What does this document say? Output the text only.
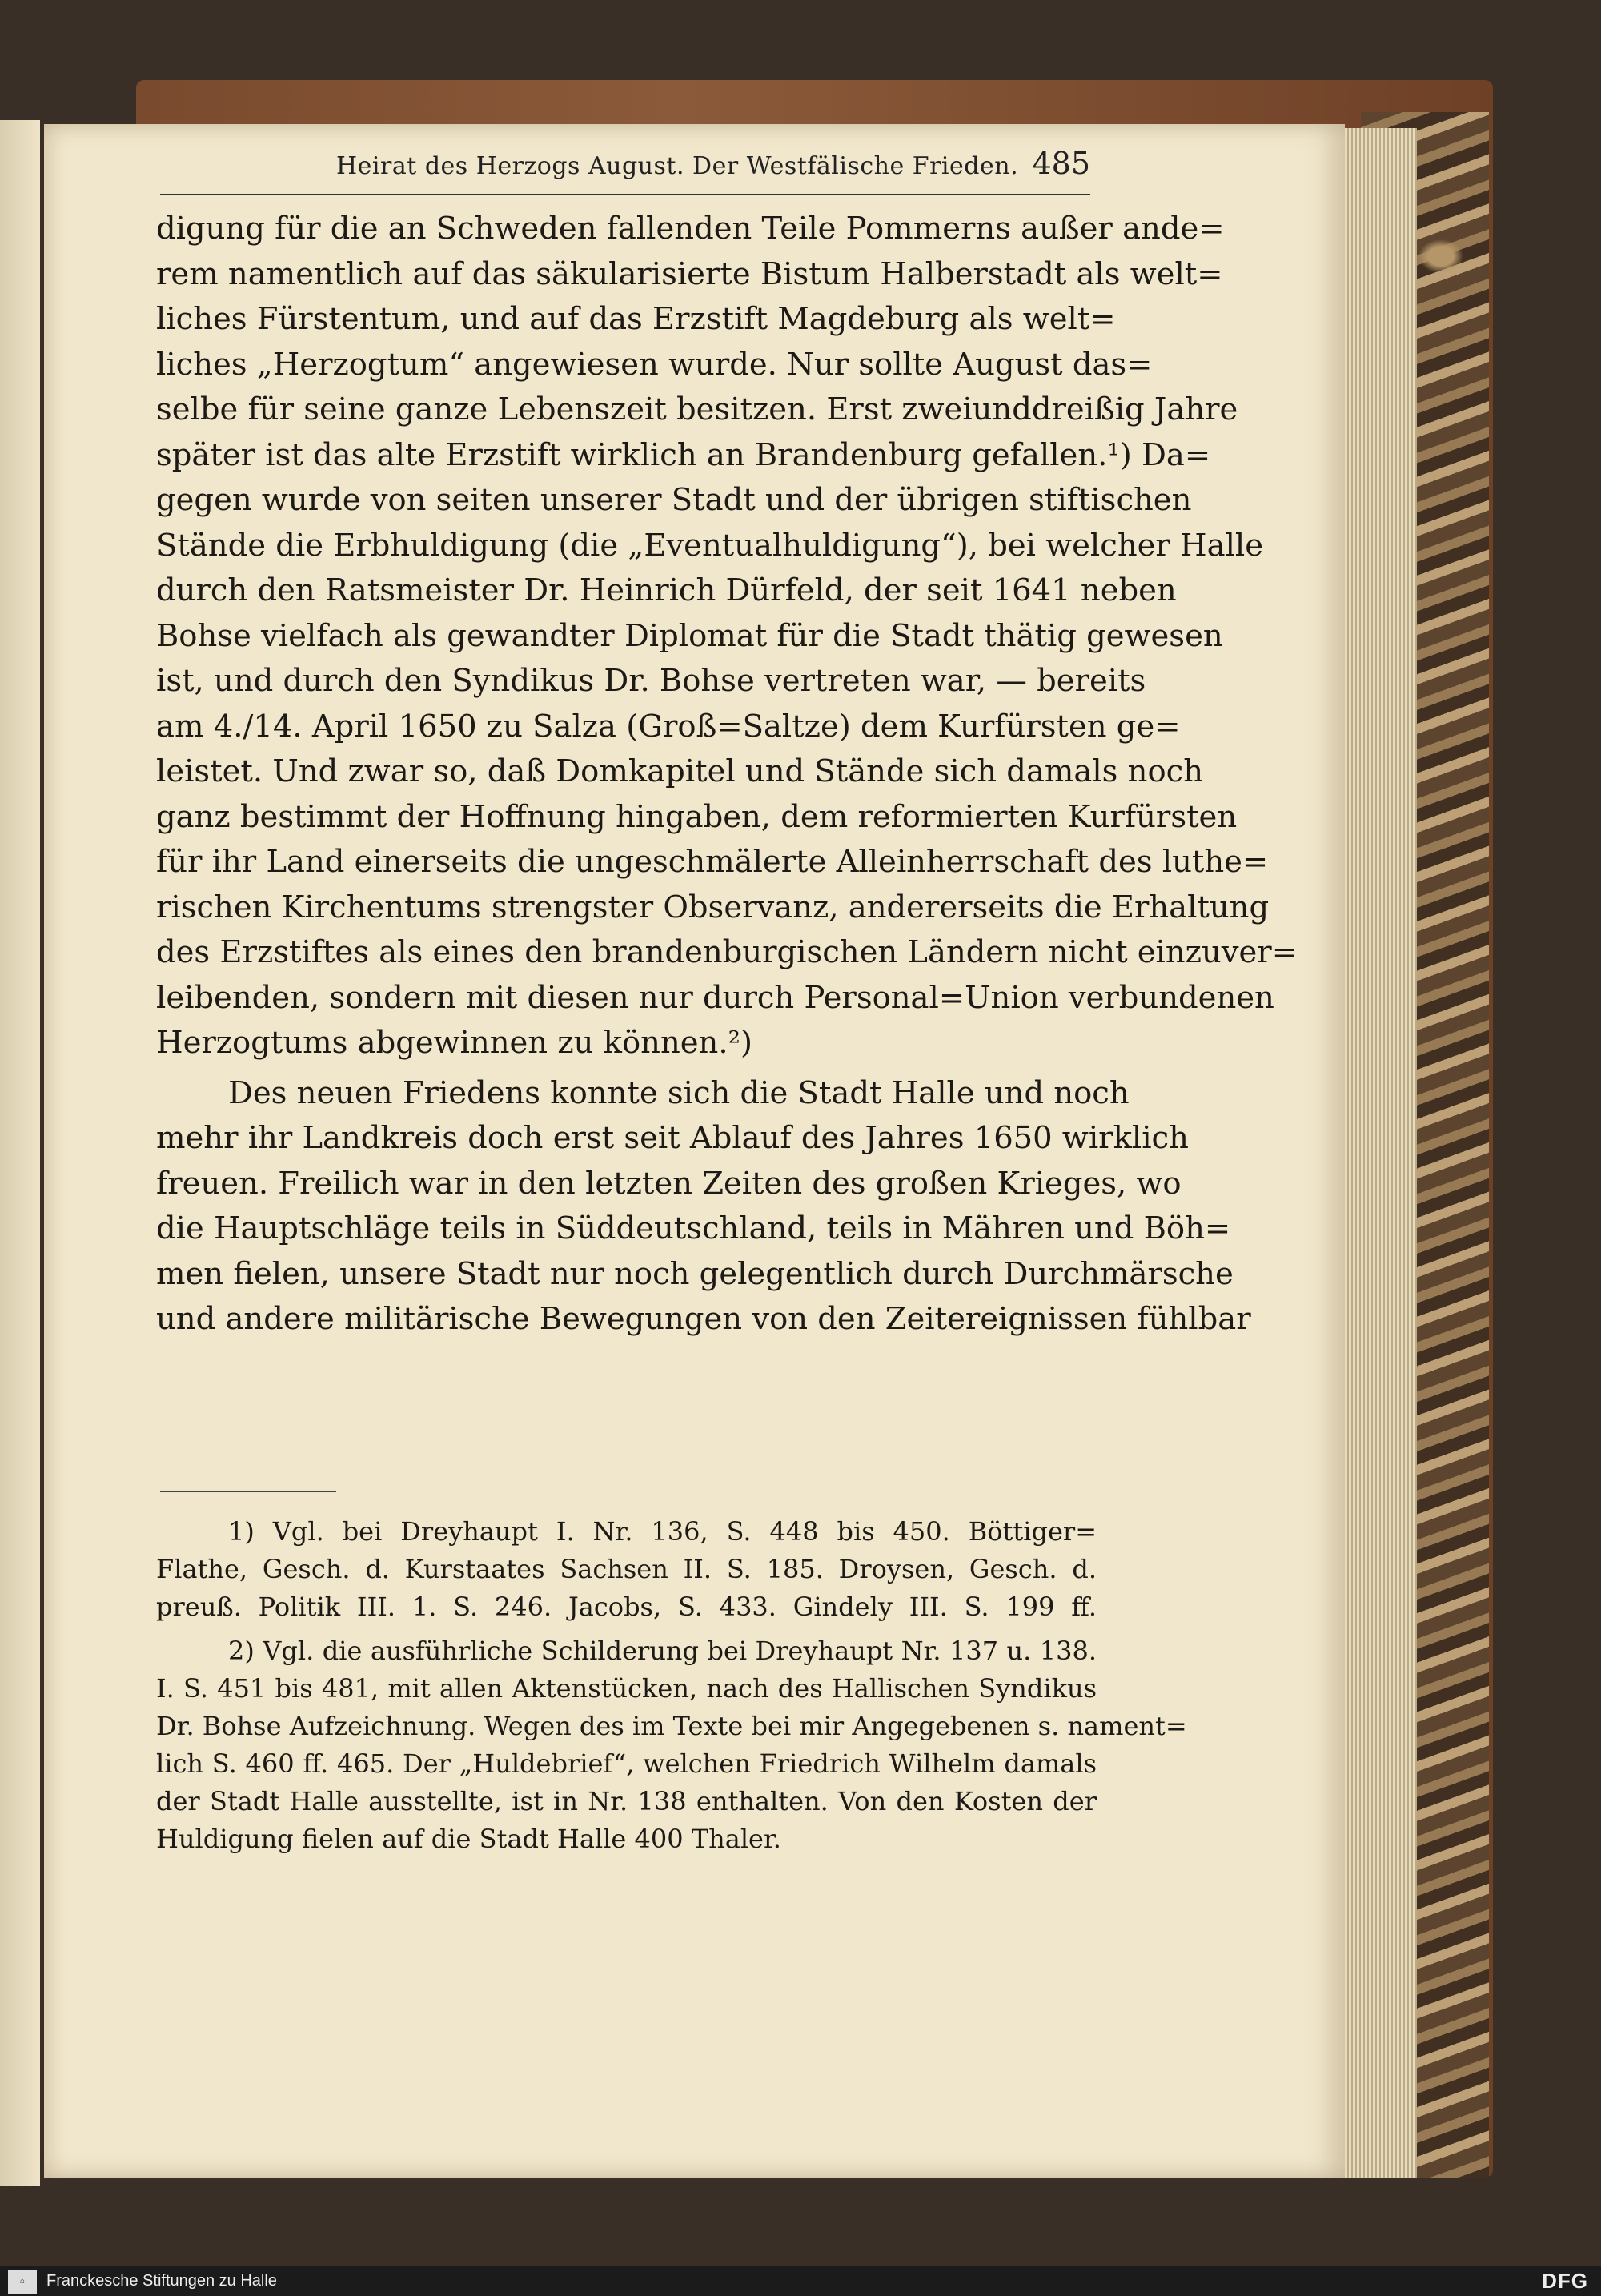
Heirat des Herzogs August. Der Westfälische Frieden. 485
digung für die an Schweden fallenden Teile Pommerns außer ande=
rem namentlich auf das säkularisierte Bistum Halberstadt als welt=
liches Fürstentum, und auf das Erzstift Magdeburg als welt=
liches „Herzogtum“ angewiesen wurde. Nur sollte August das=
selbe für seine ganze Lebenszeit besitzen. Erst zweiunddreißig Jahre
später ist das alte Erzstift wirklich an Brandenburg gefallen.¹) Da=
gegen wurde von seiten unserer Stadt und der übrigen stiftischen
Stände die Erbhuldigung (die „Eventualhuldigung“), bei welcher Halle
durch den Ratsmeister Dr. Heinrich Dürfeld, der seit 1641 neben
Bohse vielfach als gewandter Diplomat für die Stadt thätig gewesen
ist, und durch den Syndikus Dr. Bohse vertreten war, — bereits
am 4./14. April 1650 zu Salza (Groß=Saltze) dem Kurfürsten ge=
leistet. Und zwar so, daß Domkapitel und Stände sich damals noch
ganz bestimmt der Hoffnung hingaben, dem reformierten Kurfürsten
für ihr Land einerseits die ungeschmälerte Alleinherrschaft des luthe=
rischen Kirchentums strengster Observanz, andererseits die Erhaltung
des Erzstiftes als eines den brandenburgischen Ländern nicht einzuver=
leibenden, sondern mit diesen nur durch Personal=Union verbundenen
Herzogtums abgewinnen zu können.²)
Des neuen Friedens konnte sich die Stadt Halle und noch
mehr ihr Landkreis doch erst seit Ablauf des Jahres 1650 wirklich
freuen. Freilich war in den letzten Zeiten des großen Krieges, wo
die Hauptschläge teils in Süddeutschland, teils in Mähren und Böh=
men fielen, unsere Stadt nur noch gelegentlich durch Durchmärsche
und andere militärische Bewegungen von den Zeitereignissen fühlbar
1) Vgl. bei Dreyhaupt I. Nr. 136, S. 448 bis 450. Böttiger=
Flathe, Gesch. d. Kurstaates Sachsen II. S. 185. Droysen, Gesch. d.
preuß. Politik III. 1. S. 246. Jacobs, S. 433. Gindely III. S. 199 ff.
2) Vgl. die ausführliche Schilderung bei Dreyhaupt Nr. 137 u. 138.
I. S. 451 bis 481, mit allen Aktenstücken, nach des Hallischen Syndikus
Dr. Bohse Aufzeichnung. Wegen des im Texte bei mir Angegebenen s. nament=
lich S. 460 ff. 465. Der „Huldebrief“, welchen Friedrich Wilhelm damals
der Stadt Halle ausstellte, ist in Nr. 138 enthalten. Von den Kosten der
Huldigung fielen auf die Stadt Halle 400 Thaler.
⌂	Franckesche Stiftungen zu Halle	DFG
